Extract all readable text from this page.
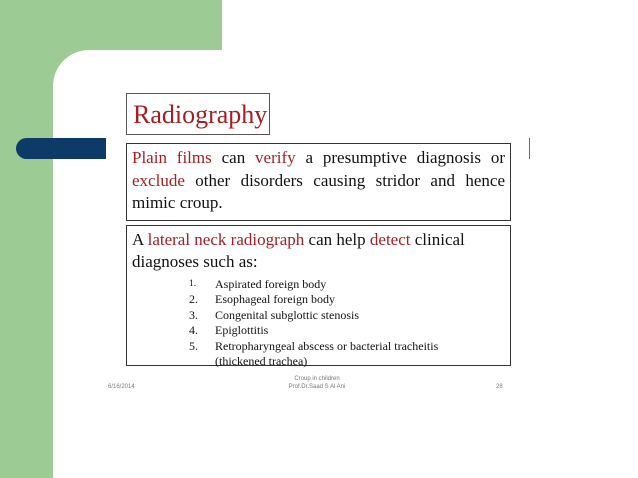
Radiography
Plain films can verify a presumptive diagnosis or exclude other disorders causing stridor and hence mimic croup.
A lateral neck radiograph can help detect clinical diagnoses such as:
1.	Aspirated foreign body
2.	Esophageal foreign body
3.	Congenital subglottic stenosis
4.	Epiglottitis
5.	Retropharyngeal abscess or bacterial tracheitis
(thickened trachea)
6/16/2014
Croup in children
Prof.Dr.Saad S Al Ani	28
